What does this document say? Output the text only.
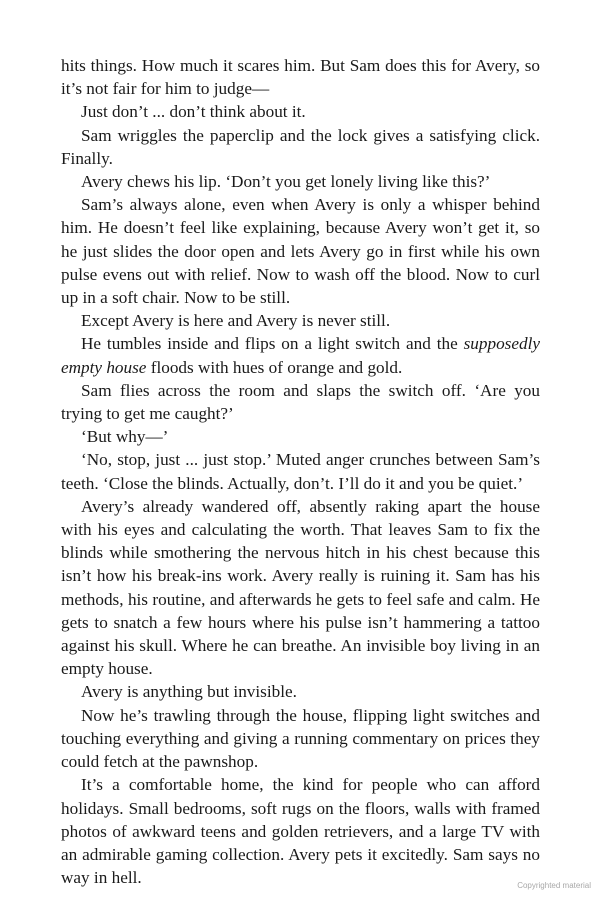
hits things. How much it scares him. But Sam does this for Avery, so it’s not fair for him to judge—

Just don’t ... don’t think about it.

Sam wriggles the paperclip and the lock gives a satisfying click. Finally.

Avery chews his lip. ‘Don’t you get lonely living like this?’

Sam’s always alone, even when Avery is only a whisper behind him. He doesn’t feel like explaining, because Avery won’t get it, so he just slides the door open and lets Avery go in first while his own pulse evens out with relief. Now to wash off the blood. Now to curl up in a soft chair. Now to be still.

Except Avery is here and Avery is never still.

He tumbles inside and flips on a light switch and the supposedly empty house floods with hues of orange and gold.

Sam flies across the room and slaps the switch off. ‘Are you trying to get me caught?’

‘But why—’

‘No, stop, just ... just stop.’ Muted anger crunches between Sam’s teeth. ‘Close the blinds. Actually, don’t. I’ll do it and you be quiet.’

Avery’s already wandered off, absently raking apart the house with his eyes and calculating the worth. That leaves Sam to fix the blinds while smothering the nervous hitch in his chest because this isn’t how his break-ins work. Avery really is ruining it. Sam has his methods, his routine, and afterwards he gets to feel safe and calm. He gets to snatch a few hours where his pulse isn’t hammering a tattoo against his skull. Where he can breathe. An invisible boy living in an empty house.

Avery is anything but invisible.

Now he’s trawling through the house, flipping light switches and touching everything and giving a running commentary on prices they could fetch at the pawnshop.

It’s a comfortable home, the kind for people who can afford holidays. Small bedrooms, soft rugs on the floors, walls with framed photos of awkward teens and golden retrievers, and a large TV with an admirable gaming collection. Avery pets it excitedly. Sam says no way in hell.	Copyrighted material
